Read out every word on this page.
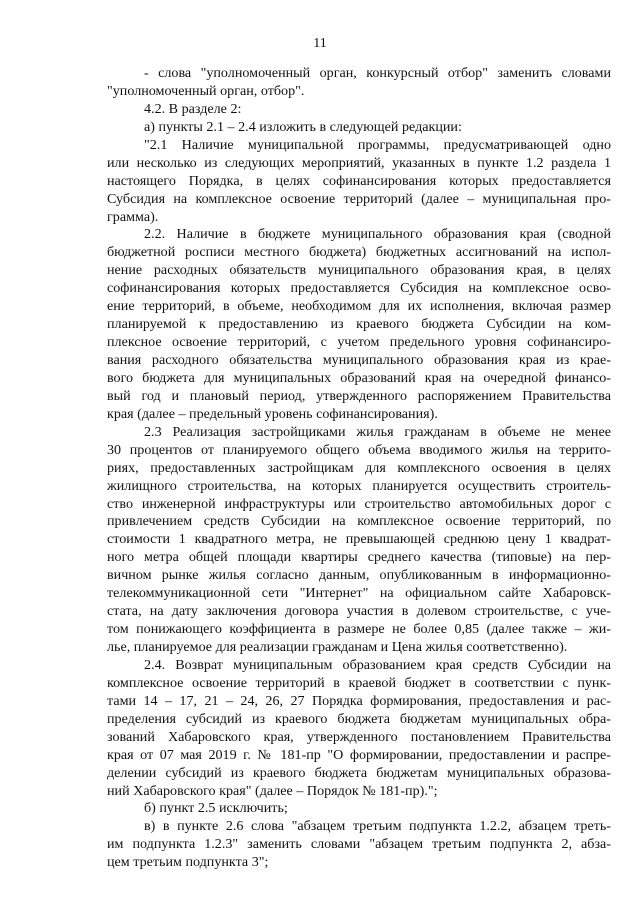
11
- слова "уполномоченный орган, конкурсный отбор" заменить словами
"уполномоченный орган, отбор".
4.2. В разделе 2:
а) пункты 2.1 – 2.4 изложить в следующей редакции:
"2.1 Наличие муниципальной программы, предусматривающей одно
или несколько из следующих мероприятий, указанных в пункте 1.2 раздела 1
настоящего Порядка, в целях софинансирования которых предоставляется
Субсидия на комплексное освоение территорий (далее – муниципальная про-
грамма).
2.2. Наличие в бюджете муниципального образования края (сводной
бюджетной росписи местного бюджета) бюджетных ассигнований на испол-
нение расходных обязательств муниципального образования края, в целях
софинансирования которых предоставляется Субсидия на комплексное осво-
ение территорий, в объеме, необходимом для их исполнения, включая размер
планируемой к предоставлению из краевого бюджета Субсидии на ком-
плексное освоение территорий, с учетом предельного уровня софинансиро-
вания расходного обязательства муниципального образования края из крае-
вого бюджета для муниципальных образований края на очередной финансо-
вый год и плановый период, утвержденного распоряжением Правительства
края (далее – предельный уровень софинансирования).
2.3 Реализация застройщиками жилья гражданам в объеме не менее
30 процентов от планируемого общего объема вводимого жилья на террито-
риях, предоставленных застройщикам для комплексного освоения в целях
жилищного строительства, на которых планируется осуществить строитель-
ство инженерной инфраструктуры или строительство автомобильных дорог с
привлечением средств Субсидии на комплексное освоение территорий, по
стоимости 1 квадратного метра, не превышающей среднюю цену 1 квадрат-
ного метра общей площади квартиры среднего качества (типовые) на пер-
вичном рынке жилья согласно данным, опубликованным в информационно-
телекоммуникационной сети "Интернет" на официальном сайте Хабаровск-
стата, на дату заключения договора участия в долевом строительстве, с уче-
том понижающего коэффициента в размере не более 0,85 (далее также – жи-
лье, планируемое для реализации гражданам и Цена жилья соответственно).
2.4. Возврат муниципальным образованием края средств Субсидии на
комплексное освоение территорий в краевой бюджет в соответствии с пунк-
тами 14 – 17, 21 – 24, 26, 27 Порядка формирования, предоставления и рас-
пределения субсидий из краевого бюджета бюджетам муниципальных обра-
зований Хабаровского края, утвержденного постановлением Правительства
края от 07 мая 2019 г. № 181-пр "О формировании, предоставлении и распре-
делении субсидий из краевого бюджета бюджетам муниципальных образова-
ний Хабаровского края" (далее – Порядок № 181-пр).";
б) пункт 2.5 исключить;
в) в пункте 2.6 слова "абзацем третьим подпункта 1.2.2, абзацем треть-
им подпункта 1.2.3" заменить словами "абзацем третьим подпункта 2, абза-
цем третьим подпункта 3";
